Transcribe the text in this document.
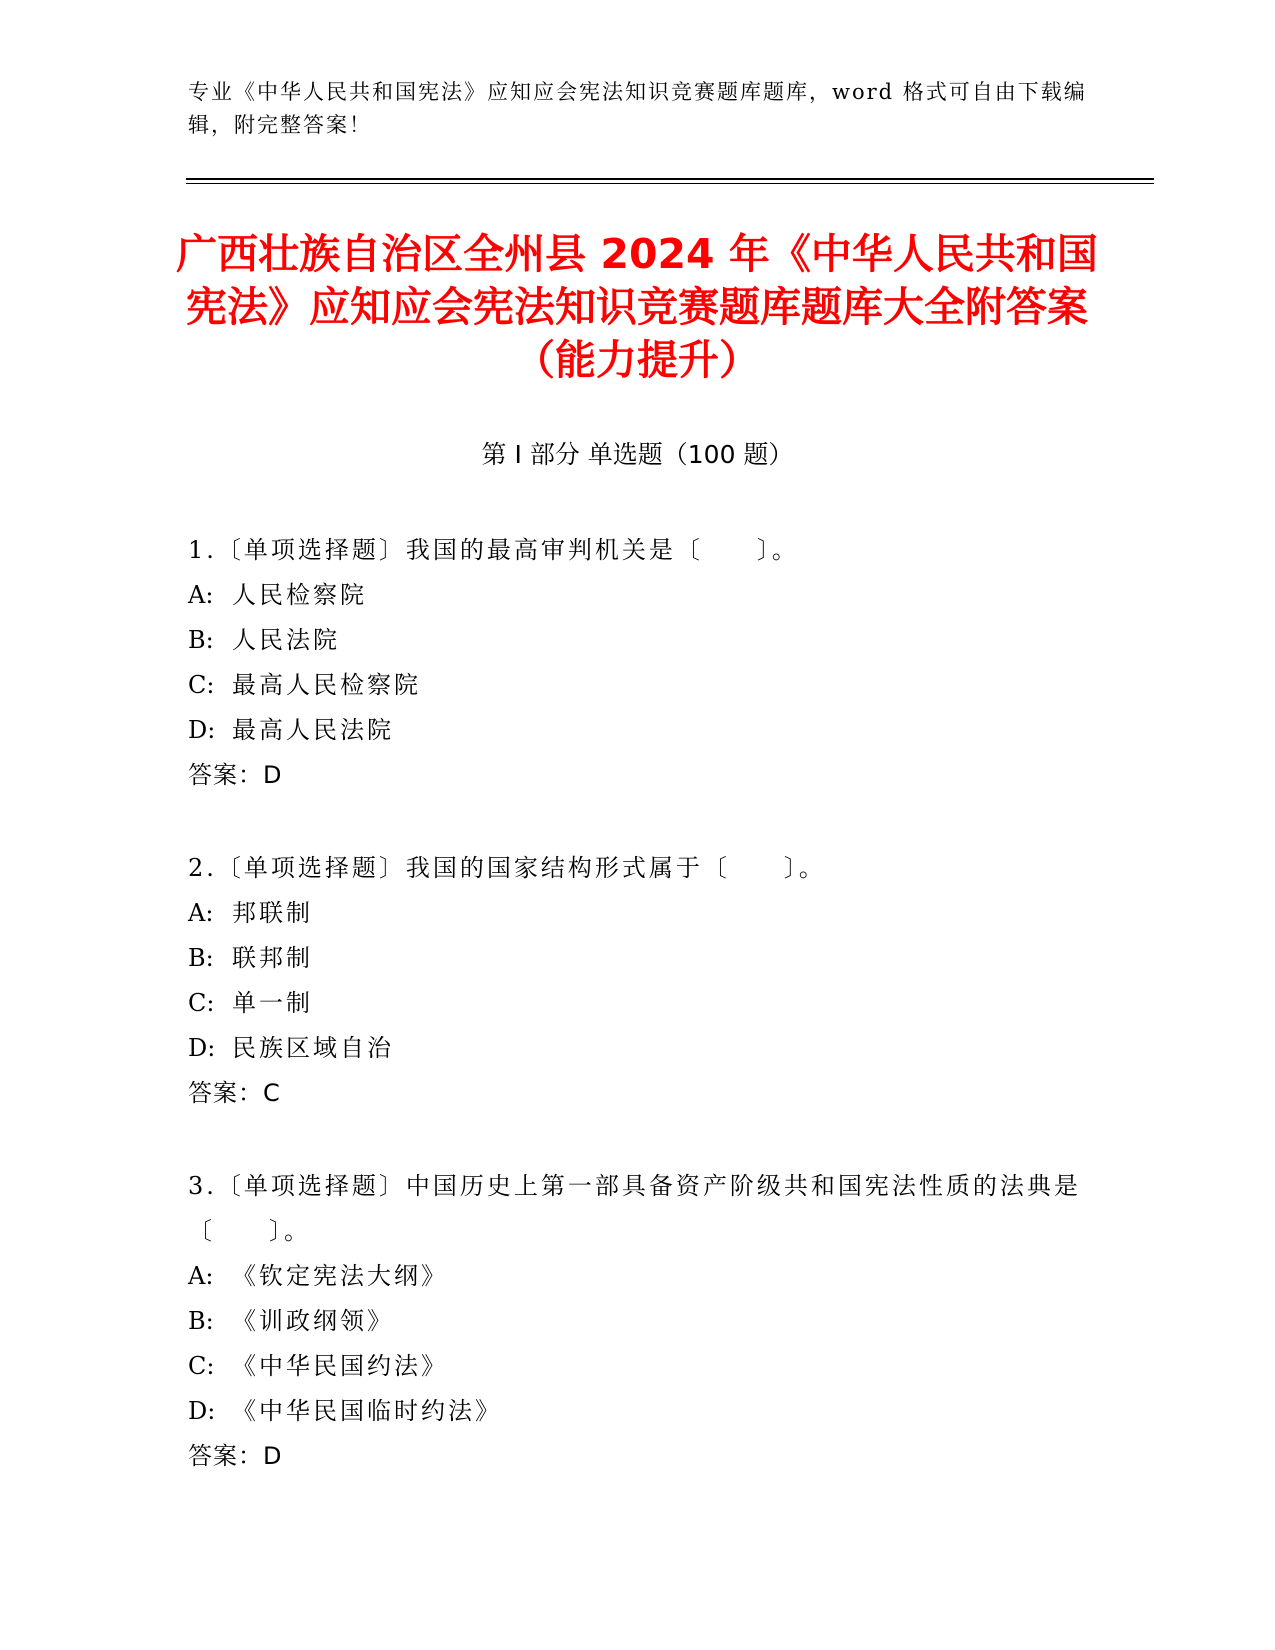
专业《中华人民共和国宪法》应知应会宪法知识竞赛题库题库，word 格式可自由下载编辑，附完整答案！
广西壮族自治区全州县 2024 年《中华人民共和国宪法》应知应会宪法知识竞赛题库题库大全附答案（能力提升）
第 I 部分 单选题（100 题）
1.〔单项选择题〕我国的最高审判机关是〔　　〕。
A: 人民检察院
B: 人民法院
C: 最高人民检察院
D: 最高人民法院
答案：D
2.〔单项选择题〕我国的国家结构形式属于〔　　〕。
A: 邦联制
B: 联邦制
C: 单一制
D: 民族区域自治
答案：C
3.〔单项选择题〕中国历史上第一部具备资产阶级共和国宪法性质的法典是〔　　〕。
A: 《钦定宪法大纲》
B: 《训政纲领》
C: 《中华民国约法》
D: 《中华民国临时约法》
答案：D
